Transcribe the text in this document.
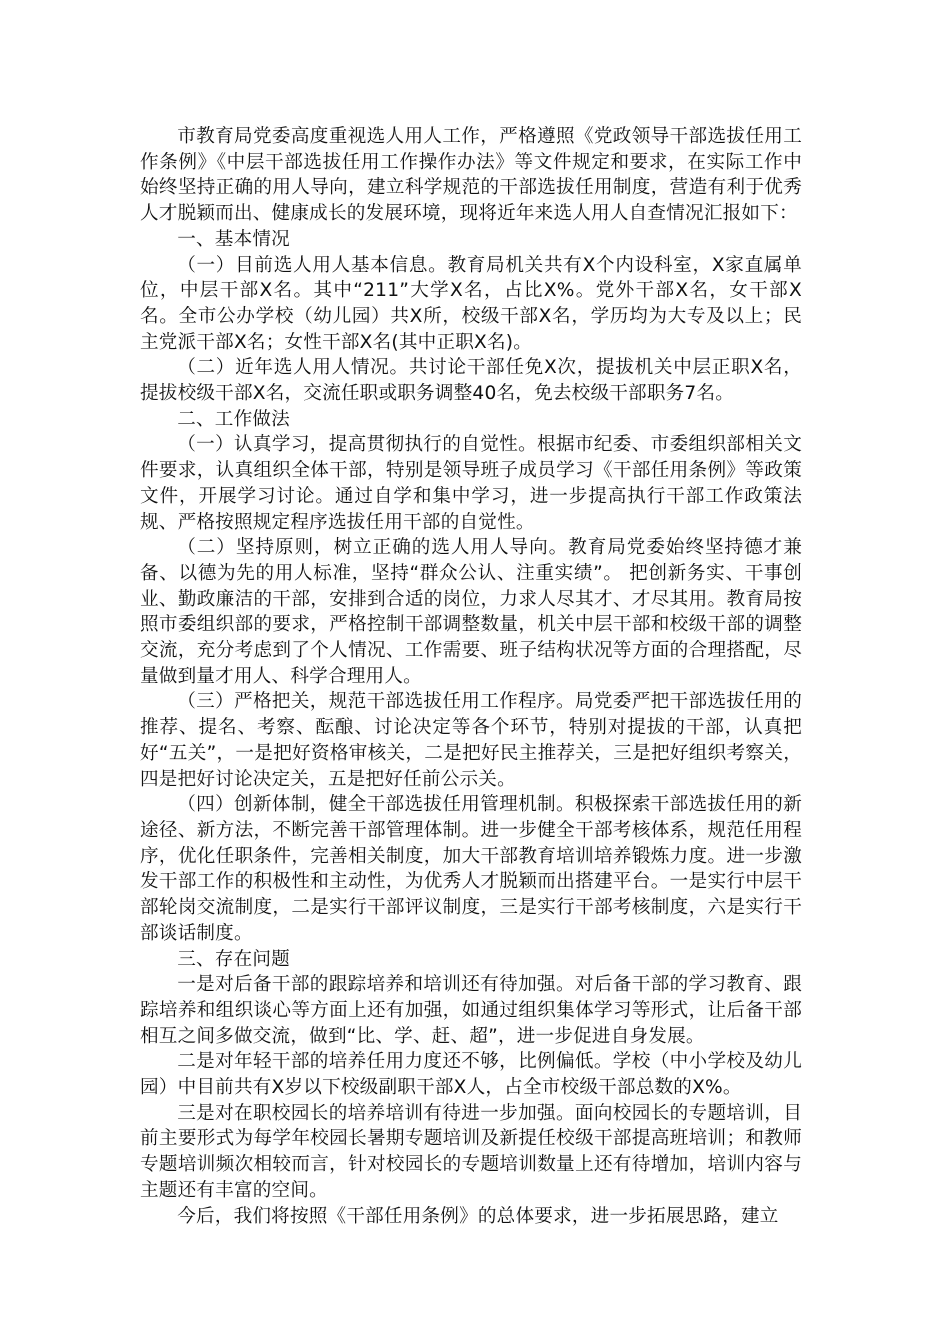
市教育局党委高度重视选人用人工作，严格遵照《党政领导干部选拔任用工作条例》《中层干部选拔任用工作操作办法》等文件规定和要求，在实际工作中始终坚持正确的用人导向，建立科学规范的干部选拔任用制度，营造有利于优秀人才脱颖而出、健康成长的发展环境，现将近年来选人用人自查情况汇报如下：

一、基本情况

（一）目前选人用人基本信息。教育局机关共有X个内设科室，X家直属单位，中层干部X名。其中“211”大学X名，占比X%。党外干部X名，女干部X名。全市公办学校（幼儿园）共X所，校级干部X名，学历均为大专及以上；民主党派干部X名；女性干部X名(其中正职X名)。

（二）近年选人用人情况。共讨论干部任免X次，提拔机关中层正职X名，提拔校级干部X名，交流任职或职务调整40名，免去校级干部职务7名。

二、工作做法

（一）认真学习，提高贯彻执行的自觉性。根据市纪委、市委组织部相关文件要求，认真组织全体干部，特别是领导班子成员学习《干部任用条例》等政策文件，开展学习讨论。通过自学和集中学习，进一步提高执行干部工作政策法规、严格按照规定程序选拔任用干部的自觉性。

（二）坚持原则，树立正确的选人用人导向。教育局党委始终坚持德才兼备、以德为先的用人标准，坚持“群众公认、注重实绩”。 把创新务实、干事创业、勤政廉洁的干部，安排到合适的岗位，力求人尽其才、才尽其用。教育局按照市委组织部的要求，严格控制干部调整数量，机关中层干部和校级干部的调整交流，充分考虑到了个人情况、工作需要、班子结构状况等方面的合理搭配，尽量做到量才用人、科学合理用人。

（三）严格把关，规范干部选拔任用工作程序。局党委严把干部选拔任用的推荐、提名、考察、酝酿、讨论决定等各个环节，特别对提拔的干部，认真把好“五关”，一是把好资格审核关，二是把好民主推荐关，三是把好组织考察关，四是把好讨论决定关，五是把好任前公示关。

（四）创新体制，健全干部选拔任用管理机制。积极探索干部选拔任用的新途径、新方法，不断完善干部管理体制。进一步健全干部考核体系，规范任用程序，优化任职条件，完善相关制度，加大干部教育培训培养锻炼力度。进一步激发干部工作的积极性和主动性，为优秀人才脱颖而出搭建平台。一是实行中层干部轮岗交流制度，二是实行干部评议制度，三是实行干部考核制度，六是实行干部谈话制度。

三、存在问题

一是对后备干部的跟踪培养和培训还有待加强。对后备干部的学习教育、跟踪培养和组织谈心等方面上还有加强，如通过组织集体学习等形式，让后备干部相互之间多做交流，做到“比、学、赶、超”，进一步促进自身发展。

二是对年轻干部的培养任用力度还不够，比例偏低。学校（中小学校及幼儿园）中目前共有X岁以下校级副职干部X人，占全市校级干部总数的X%。

三是对在职校园长的培养培训有待进一步加强。面向校园长的专题培训，目前主要形式为每学年校园长暑期专题培训及新提任校级干部提高班培训；和教师专题培训频次相较而言，针对校园长的专题培训数量上还有待增加，培训内容与主题还有丰富的空间。

今后，我们将按照《干部任用条例》的总体要求，进一步拓展思路，建立
